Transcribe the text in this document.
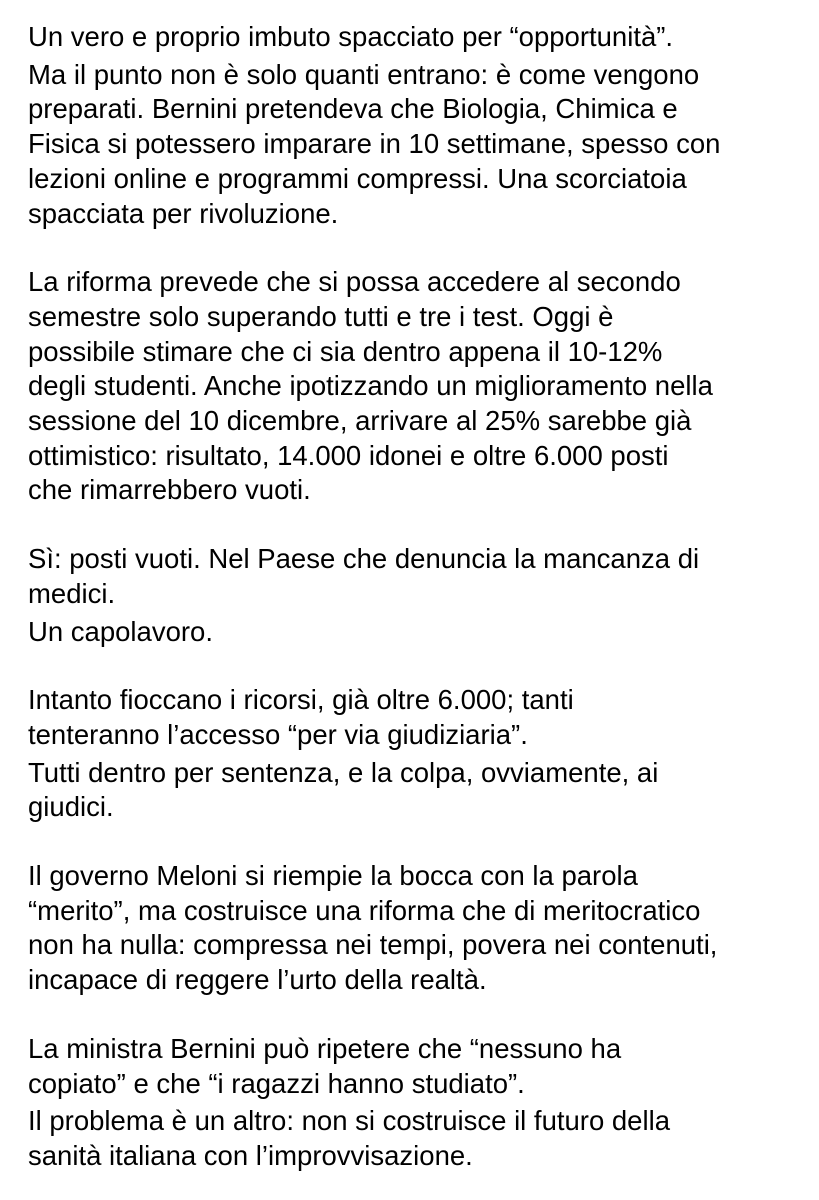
Un vero e proprio imbuto spacciato per “opportunità”.
Ma il punto non è solo quanti entrano: è come vengono
preparati. Bernini pretendeva che Biologia, Chimica e
Fisica si potessero imparare in 10 settimane, spesso con
lezioni online e programmi compressi. Una scorciatoia
spacciata per rivoluzione.
La riforma prevede che si possa accedere al secondo
semestre solo superando tutti e tre i test. Oggi è
possibile stimare che ci sia dentro appena il 10-12%
degli studenti. Anche ipotizzando un miglioramento nella
sessione del 10 dicembre, arrivare al 25% sarebbe già
ottimistico: risultato, 14.000 idonei e oltre 6.000 posti
che rimarrebbero vuoti.
Sì: posti vuoti. Nel Paese che denuncia la mancanza di
medici.
Un capolavoro.
Intanto fioccano i ricorsi, già oltre 6.000; tanti
tenteranno l’accesso “per via giudiziaria”.
Tutti dentro per sentenza, e la colpa, ovviamente, ai
giudici.
Il governo Meloni si riempie la bocca con la parola
“merito”, ma costruisce una riforma che di meritocratico
non ha nulla: compressa nei tempi, povera nei contenuti,
incapace di reggere l’urto della realtà.
La ministra Bernini può ripetere che “nessuno ha
copiato” e che “i ragazzi hanno studiato”.
Il problema è un altro: non si costruisce il futuro della
sanità italiana con l’improvvisazione.
